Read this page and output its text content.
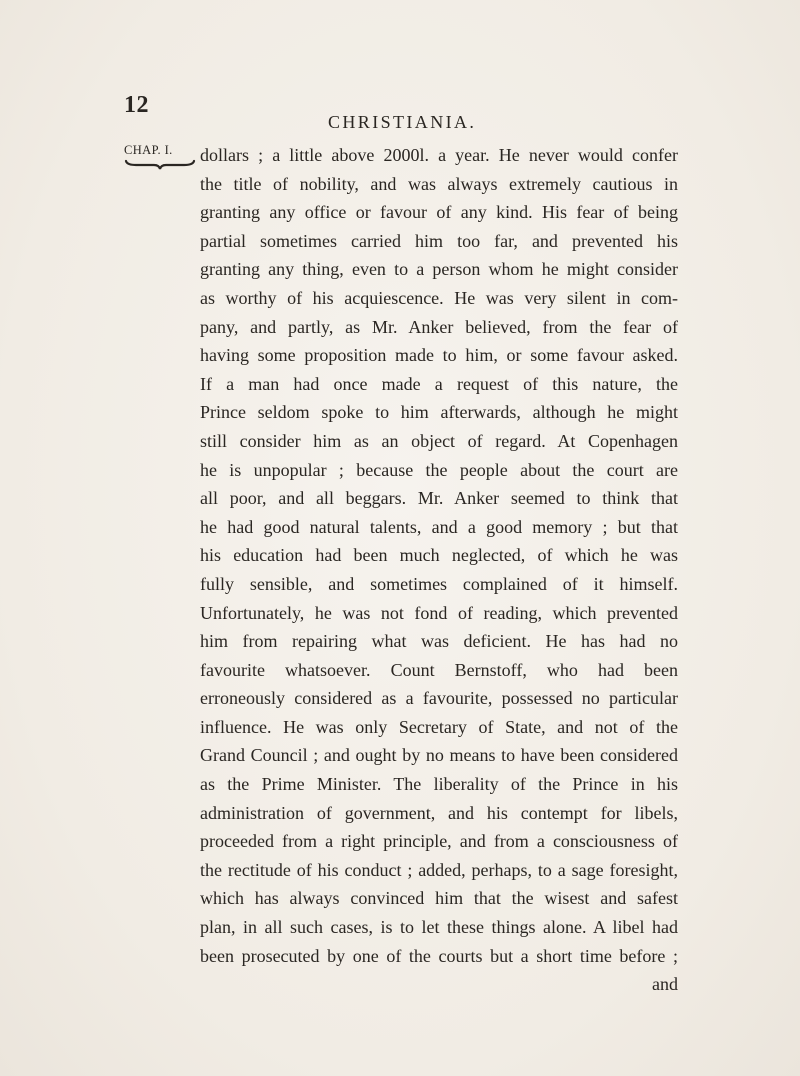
12
CHRISTIANIA.
CHAP. I.	dollars ; a little above 2000l. a year. He never would confer
the title of nobility, and was always extremely cautious in
granting any office or favour of any kind. His fear of being
partial sometimes carried him too far, and prevented his
granting any thing, even to a person whom he might consider
as worthy of his acquiescence. He was very silent in com-
pany, and partly, as Mr. Anker believed, from the fear of
having some proposition made to him, or some favour asked.
If a man had once made a request of this nature, the
Prince seldom spoke to him afterwards, although he might
still consider him as an object of regard. At Copenhagen
he is unpopular ; because the people about the court are
all poor, and all beggars. Mr. Anker seemed to think that
he had good natural talents, and a good memory ; but that
his education had been much neglected, of which he was
fully sensible, and sometimes complained of it himself.
Unfortunately, he was not fond of reading, which prevented
him from repairing what was deficient. He has had no
favourite whatsoever. Count Bernstoff, who had been
erroneously considered as a favourite, possessed no particular
influence. He was only Secretary of State, and not of the
Grand Council ; and ought by no means to have been considered
as the Prime Minister. The liberality of the Prince in his
administration of government, and his contempt for libels,
proceeded from a right principle, and from a consciousness of
the rectitude of his conduct ; added, perhaps, to a sage foresight,
which has always convinced him that the wisest and safest
plan, in all such cases, is to let these things alone. A libel had
been prosecuted by one of the courts but a short time before ;
and
